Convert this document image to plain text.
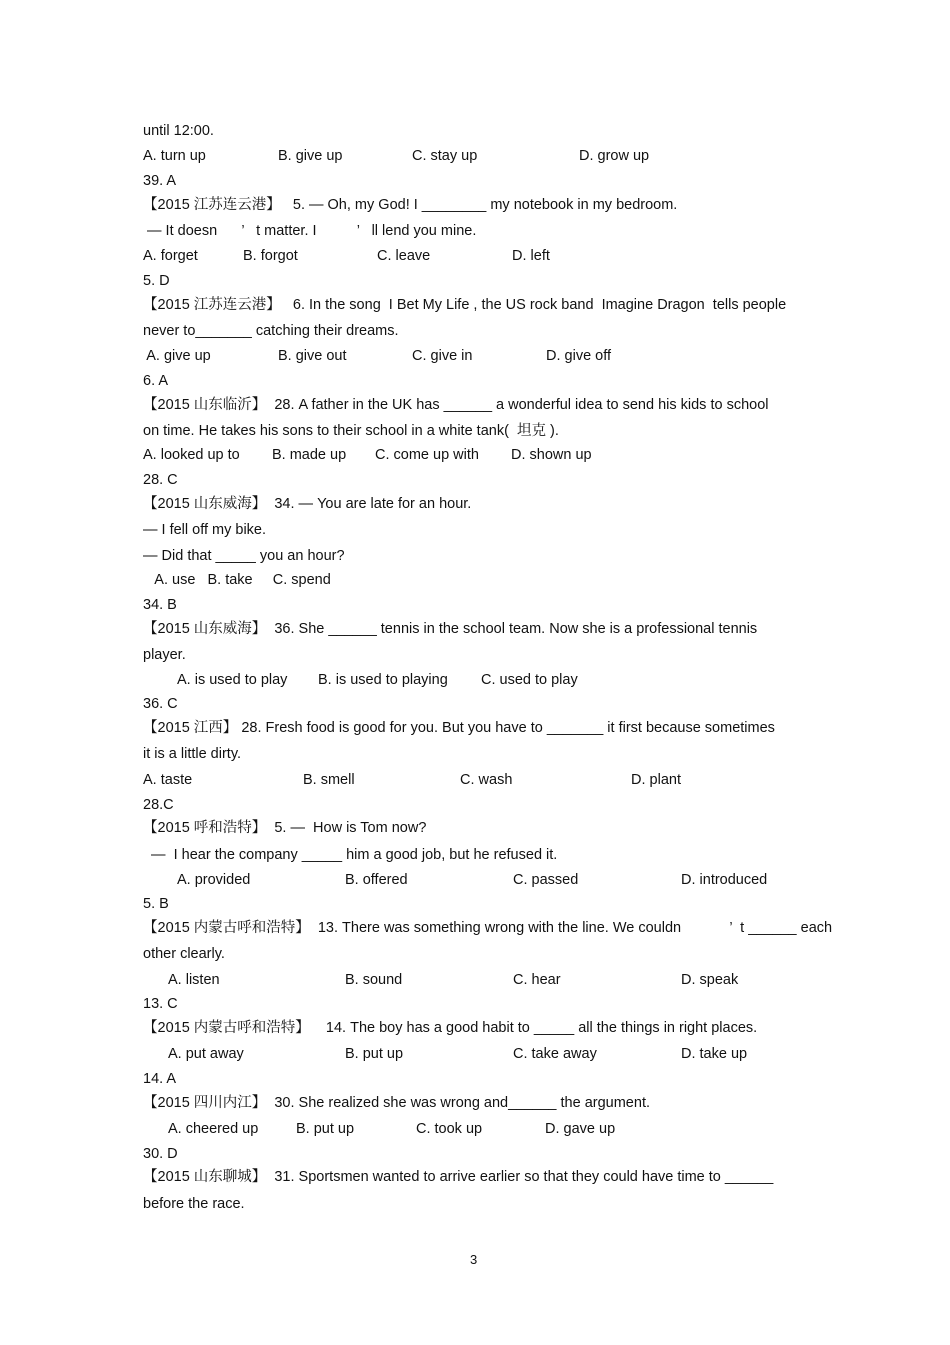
until 12:00.
A. turn up	B. give up	C. stay up	D. grow up
39. A
【2015 江苏连云港】   5. — Oh, my God! I ________ my notebook in my bedroom.
— It doesn      ’   t matter. I          ’   ll lend you mine.
A. forget	B. forgot	C. leave	D. left
5. D
【2015 江苏连云港】   6. In the song  I Bet My Life , the US rock band  Imagine Dragon  tells people
never to_______ catching their dreams.
A. give up	B. give out	C. give in	D. give off
6. A
【2015 山东临沂】  28. A father in the UK has ______ a wonderful idea to send his kids to school
on time. He takes his sons to their school in a white tank(  坦克 ).
A. looked up to B. made up C. come up with D. shown up
28. C
【2015 山东威海】  34. — You are late for an hour.
— I fell off my bike.
— Did that _____ you an hour?
A. use   B. take     C. spend
34. B
【2015 山东威海】  36. She ______ tennis in the school team. Now she is a professional tennis
player.
A. is used to play B. is used to playing C. used to play
36. C
【2015 江西】 28. Fresh food is good for you. But you have to _______ it first because sometimes
it is a little dirty.
A. taste	B. smell	C. wash	D. plant
28.C
【2015 呼和浩特】  5. —  How is Tom now?
—  I hear the company _____ him a good job, but he refused it.
A. provided	B. offered	C. passed	D. introduced
5. B
【2015 内蒙古呼和浩特】  13. There was something wrong with the line. We couldn            ’  t ______ each
other clearly.
A. listen	B. sound	C. hear	D. speak
13. C
【2015 内蒙古呼和浩特】    14. The boy has a good habit to _____ all the things in right places.
A. put away	B. put up	C. take away	D. take up
14. A
【2015 四川内江】  30. She realized she was wrong and______ the argument.
A. cheered up	B. put up	C. took up	D. gave up
30. D
【2015 山东聊城】  31. Sportsmen wanted to arrive earlier so that they could have time to ______
before the race.
3
